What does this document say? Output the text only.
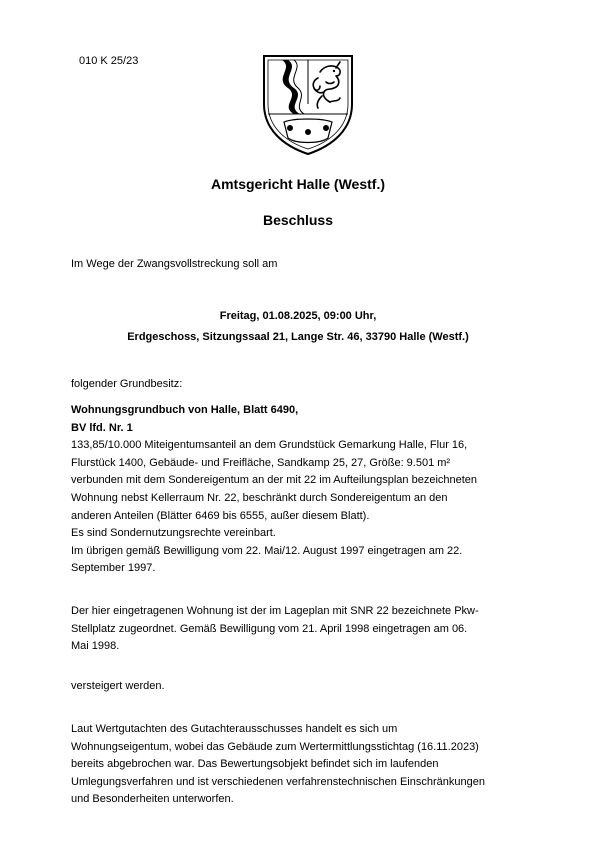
010 K 25/23
Amtsgericht Halle (Westf.)
Beschluss
Im Wege der Zwangsvollstreckung soll am
Freitag, 01.08.2025, 09:00 Uhr,
Erdgeschoss, Sitzungssaal 21, Lange Str. 46, 33790 Halle (Westf.)
folgender Grundbesitz:
Wohnungsgrundbuch von Halle, Blatt 6490,
BV lfd. Nr. 1
133,85/10.000 Miteigentumsanteil an dem Grundstück Gemarkung Halle, Flur 16,
Flurstück 1400, Gebäude- und Freifläche, Sandkamp 25, 27, Größe: 9.501 m²
verbunden mit dem Sondereigentum an der mit 22 im Aufteilungsplan bezeichneten
Wohnung nebst Kellerraum Nr. 22, beschränkt durch Sondereigentum an den
anderen Anteilen (Blätter 6469 bis 6555, außer diesem Blatt).
Es sind Sondernutzungsrechte vereinbart.
Im übrigen gemäß Bewilligung vom 22. Mai/12. August 1997 eingetragen am 22.
September 1997.
Der hier eingetragenen Wohnung ist der im Lageplan mit SNR 22 bezeichnete Pkw-
Stellplatz zugeordnet. Gemäß Bewilligung vom 21. April 1998 eingetragen am 06.
Mai 1998.
versteigert werden.
Laut Wertgutachten des Gutachterausschusses handelt es sich um
Wohnungseigentum, wobei das Gebäude zum Wertermittlungsstichtag (16.11.2023)
bereits abgebrochen war. Das Bewertungsobjekt befindet sich im laufenden
Umlegungsverfahren und ist verschiedenen verfahrenstechnischen Einschränkungen
und Besonderheiten unterworfen.
